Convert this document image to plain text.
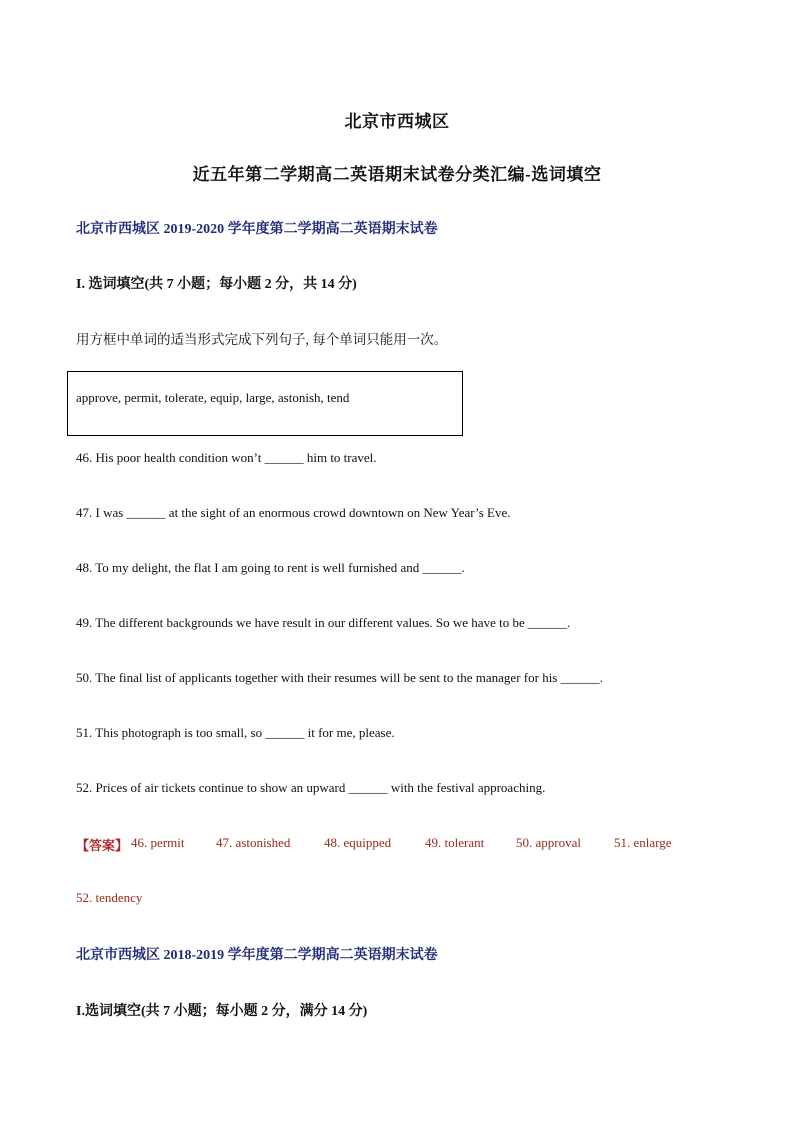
北京市西城区
近五年第二学期高二英语期末试卷分类汇编-选词填空
北京市西城区 2019-2020 学年度第二学期高二英语期末试卷
I. 选词填空(共 7 小题；每小题 2 分，共 14 分)
用方框中单词的适当形式完成下列句子, 每个单词只能用一次。
approve, permit, tolerate, equip, large, astonish, tend
46. His poor health condition won’t ______ him to travel.
47. I was ______ at the sight of an enormous crowd downtown on New Year’s Eve.
48. To my delight, the flat I am going to rent is well furnished and ______.
49. The different backgrounds we have result in our different values. So we have to be ______.
50. The final list of applicants together with their resumes will be sent to the manager for his ______.
51. This photograph is too small, so ______ it for me, please.
52. Prices of air tickets continue to show an upward ______ with the festival approaching.
【答案】 46. permit 47. astonished	48. equipped	49. tolerant 50. approval	51. enlarge
52. tendency
北京市西城区 2018-2019 学年度第二学期高二英语期末试卷
I.选词填空(共 7 小题；每小题 2 分，满分 14 分)
